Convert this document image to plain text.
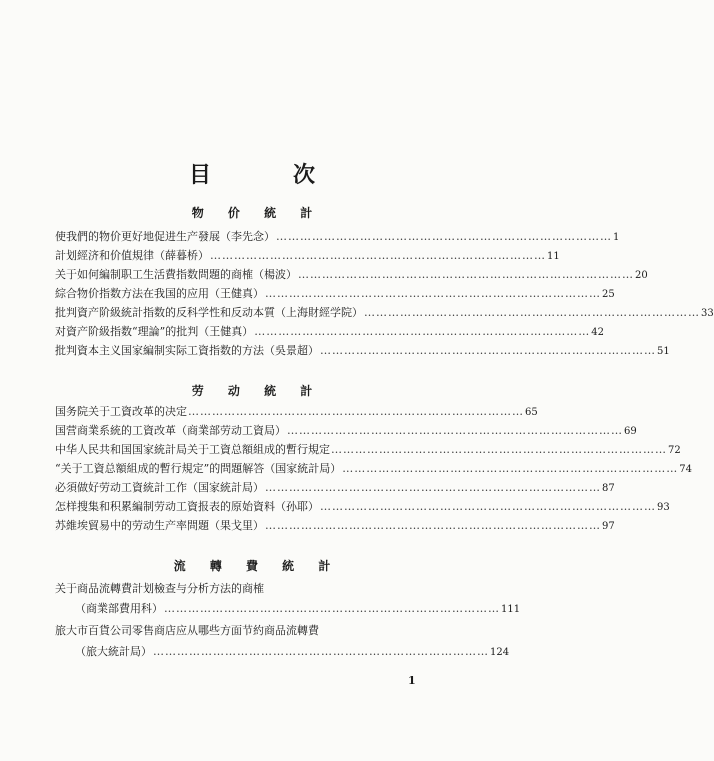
目　次
物 价 統 計
使我們的物价更好地促进生产發展（李先念） ………………………………………………………………………… 1
計划經济和价值規律（薛暮桥） ………………………………………………………………………… 11
关于如何編制职工生活費指数問題的商榷（楊波） ………………………………………………………………………… 20
綜合物价指数方法在我国的应用（王健真） ………………………………………………………………………… 25
批判資产阶級統計指数的反科学性和反动本質（上海財經学院） ………………………………………………………………………… 33
对資产阶級指数“理論”的批判（王健真） ………………………………………………………………………… 42
批判資本主义国家編制实际工資指数的方法（吳景超） ………………………………………………………………………… 51
劳 动 統 計
国务院关于工資改革的决定 ………………………………………………………………………… 65
国营商業系統的工資改革（商業部劳动工資局） ………………………………………………………………………… 69
中华人民共和国国家統計局关于工資总額組成的暫行規定 ………………………………………………………………………… 72
“关于工資总額組成的暫行規定”的問題解答（国家統計局） ………………………………………………………………………… 74
必須做好劳动工資統計工作（国家統計局） ………………………………………………………………………… 87
怎样搜集和积累編制劳动工資报表的原始資料（孙耶） ………………………………………………………………………… 93
苏維埃貿易中的劳动生产率問題（果戈里） ………………………………………………………………………… 97
流 轉 費 統 計
关于商品流轉費計划檢查与分析方法的商榷
（商業部費用科） ………………………………………………………………………… 111
旅大市百貨公司零售商店应从哪些方面节約商品流轉費
（旅大統計局） ………………………………………………………………………… 124
1
